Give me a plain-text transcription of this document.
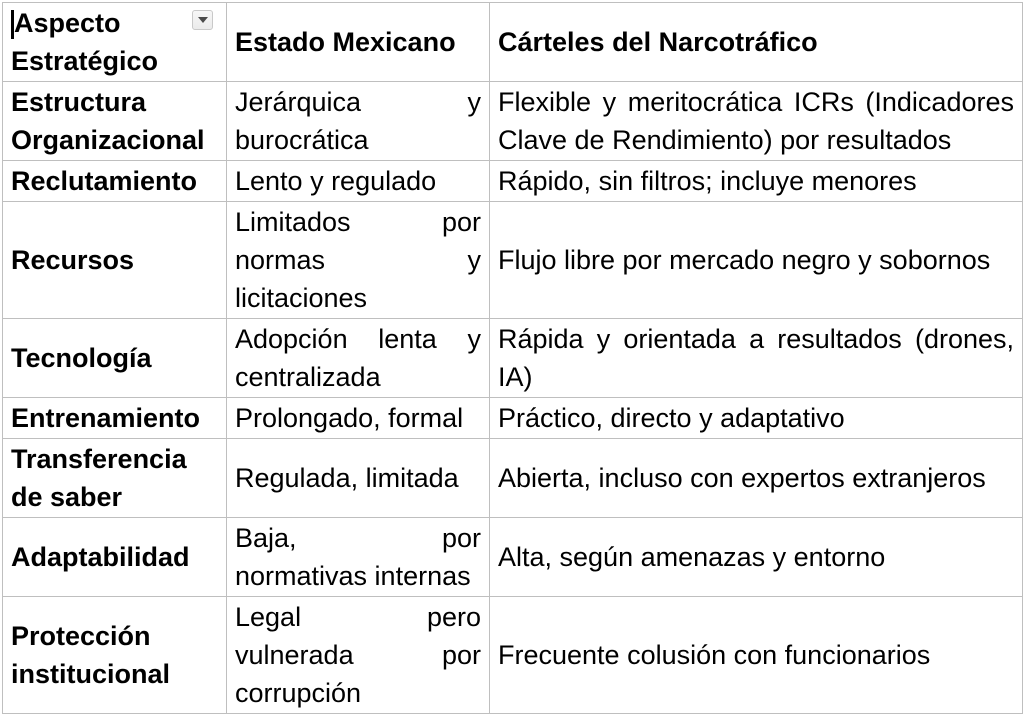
Aspecto Estratégico	Estado Mexicano	Cárteles del Narcotráfico
Estructura Organizacional	Jerárquica y burocrática	Flexible y meritocrática ICRs (Indicadores Clave de Rendimiento) por resultados
Reclutamiento	Lento y regulado	Rápido, sin filtros; incluye menores
Recursos	Limitados por normas y licitaciones	Flujo libre por mercado negro y sobornos
Tecnología	Adopción lenta y centralizada	Rápida y orientada a resultados (drones, IA)
Entrenamiento	Prolongado, formal	Práctico, directo y adaptativo
Transferencia de saber	Regulada, limitada	Abierta, incluso con expertos extranjeros
Adaptabilidad	Baja, por normativas internas	Alta, según amenazas y entorno
Protección institucional	Legal pero vulnerada por corrupción	Frecuente colusión con funcionarios
